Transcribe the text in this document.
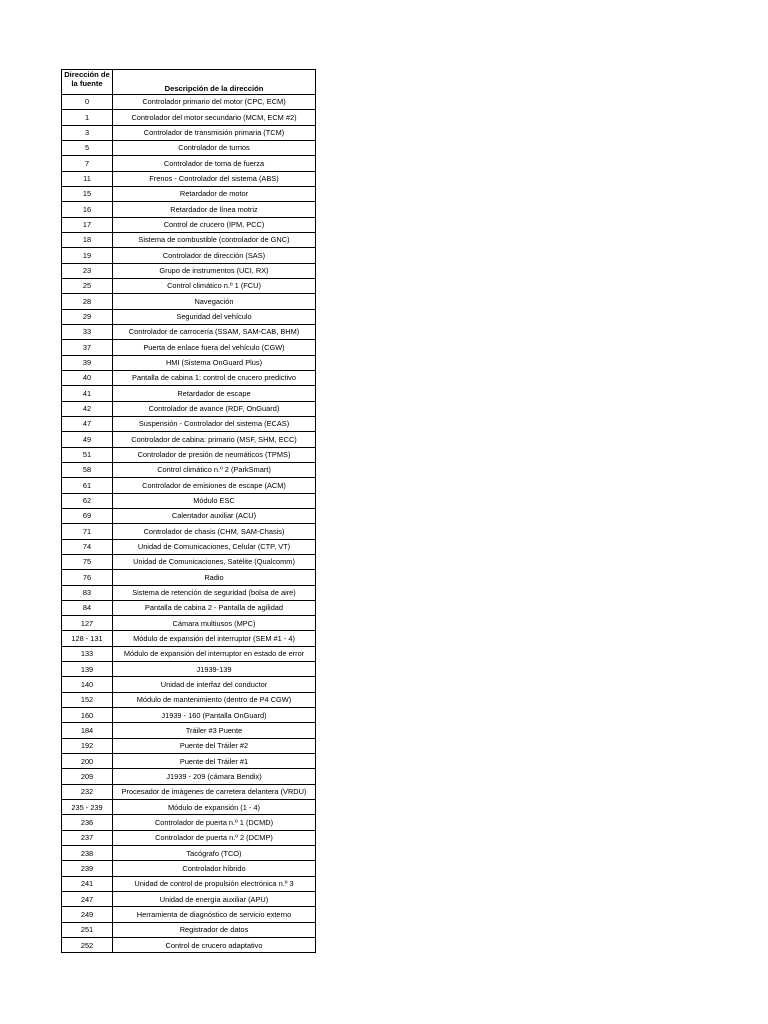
Dirección de la fuente	Descripción de la dirección
0	Controlador primario del motor (CPC, ECM)
1	Controlador del motor secundario (MCM, ECM #2)
3	Controlador de transmisión primaria (TCM)
5	Controlador de turnos
7	Controlador de toma de fuerza
11	Frenos - Controlador del sistema (ABS)
15	Retardador de motor
16	Retardador de línea motriz
17	Control de crucero (IPM, PCC)
18	Sistema de combustible (controlador de GNC)
19	Controlador de dirección (SAS)
23	Grupo de instrumentos (UCI, RX)
25	Control climático n.º 1 (FCU)
28	Navegación
29	Seguridad del vehículo
33	Controlador de carrocería (SSAM, SAM-CAB, BHM)
37	Puerta de enlace fuera del vehículo (CGW)
39	HMI (Sistema OnGuard Plus)
40	Pantalla de cabina 1: control de crucero predictivo
41	Retardador de escape
42	Controlador de avance (RDF, OnGuard)
47	Suspensión - Controlador del sistema (ECAS)
49	Controlador de cabina: primario (MSF, SHM, ECC)
51	Controlador de presión de neumáticos (TPMS)
58	Control climático n.º 2 (ParkSmart)
61	Controlador de emisiones de escape (ACM)
62	Módulo ESC
69	Calentador auxiliar (ACU)
71	Controlador de chasis (CHM, SAM-Chasis)
74	Unidad de Comunicaciones, Celular (CTP, VT)
75	Unidad de Comunicaciones, Satélite (Qualcomm)
76	Radio
83	Sistema de retención de seguridad (bolsa de aire)
84	Pantalla de cabina 2 - Pantalla de agilidad
127	Cámara multiusos (MPC)
128 - 131	Módulo de expansión del interruptor (SEM #1 - 4)
133	Módulo de expansión del interruptor en estado de error
139	J1939-139
140	Unidad de interfaz del conductor
152	Módulo de mantenimiento (dentro de P4 CGW)
160	J1939 - 160 (Pantalla OnGuard)
184	Tráiler #3 Puente
192	Puente del Tráiler #2
200	Puente del Tráiler #1
209	J1939 - 209 (cámara Bendix)
232	Procesador de imágenes de carretera delantera (VRDU)
235 - 239	Módulo de expansión (1 - 4)
236	Controlador de puerta n.º 1 (DCMD)
237	Controlador de puerta n.º 2 (DCMP)
238	Tacógrafo (TCO)
239	Controlador híbrido
241	Unidad de control de propulsión electrónica n.º 3
247	Unidad de energía auxiliar (APU)
249	Herramienta de diagnóstico de servicio externo
251	Registrador de datos
252	Control de crucero adaptativo
